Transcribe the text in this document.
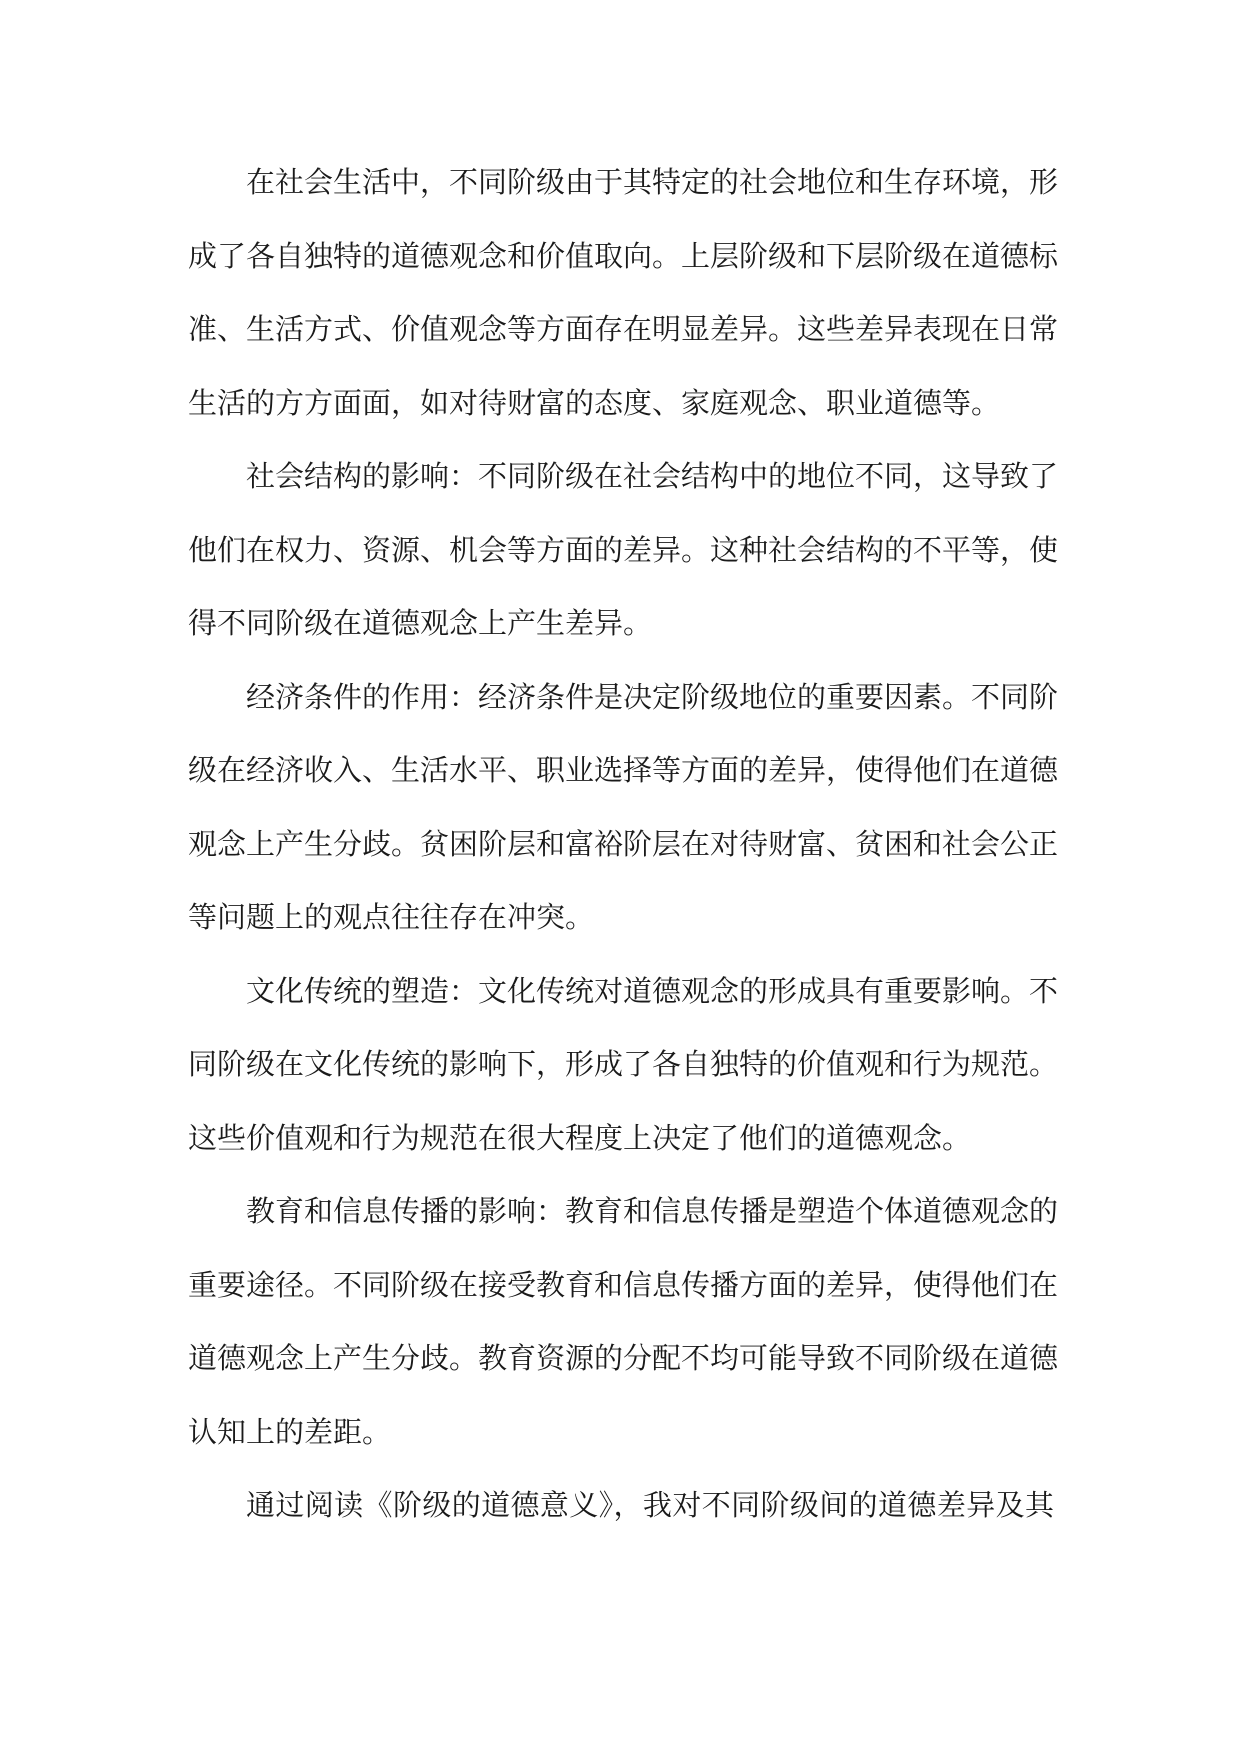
在社会生活中，不同阶级由于其特定的社会地位和生存环境，形
成了各自独特的道德观念和价值取向。上层阶级和下层阶级在道德标
准、生活方式、价值观念等方面存在明显差异。这些差异表现在日常
生活的方方面面，如对待财富的态度、家庭观念、职业道德等。
社会结构的影响：不同阶级在社会结构中的地位不同，这导致了
他们在权力、资源、机会等方面的差异。这种社会结构的不平等，使
得不同阶级在道德观念上产生差异。
经济条件的作用：经济条件是决定阶级地位的重要因素。不同阶
级在经济收入、生活水平、职业选择等方面的差异，使得他们在道德
观念上产生分歧。贫困阶层和富裕阶层在对待财富、贫困和社会公正
等问题上的观点往往存在冲突。
文化传统的塑造：文化传统对道德观念的形成具有重要影响。不
同阶级在文化传统的影响下，形成了各自独特的价值观和行为规范。
这些价值观和行为规范在很大程度上决定了他们的道德观念。
教育和信息传播的影响：教育和信息传播是塑造个体道德观念的
重要途径。不同阶级在接受教育和信息传播方面的差异，使得他们在
道德观念上产生分歧。教育资源的分配不均可能导致不同阶级在道德
认知上的差距。
通过阅读《阶级的道德意义》，我对不同阶级间的道德差异及其
